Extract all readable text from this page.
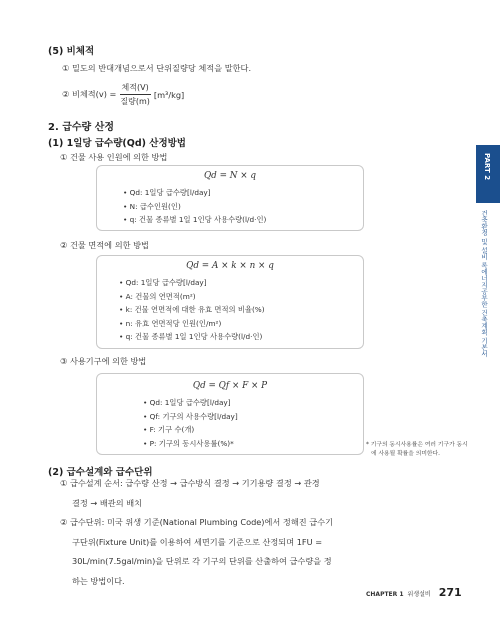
(5) 비체적
① 밀도의 반대개념으로서 단위질량당 체적을 말한다.
② 비체적$(v) = \frac{\text{체적(V)}}{\text{질량(m)}} [m^3/kg]$
2. 급수량 산정
(1) 1일당 급수량(Qd) 산정방법
① 건물 사용 인원에 의한 방법
Qd = N × q
• Qd: 1일당 급수량[l/day]
• N: 급수인원(인)
• q: 건물 종류별 1일 1인당 사용수량(l/d·인)
② 건물 면적에 의한 방법
Qd = A × k × n × q
• Qd: 1일당 급수량[l/day]
• A: 건물의 연면적(m²)
• k: 건물 연면적에 대한 유효 면적의 비율(%)
• n: 유효 연면적당 인원(인/m²)
• q: 건물 종류별 1일 1인당 사용수량(l/d·인)
③ 사용기구에 의한 방법
Qd = Qf × F × P
• Qd: 1일당 급수량[l/day]
• Qf: 기구의 사용수량[l/day]
• F: 기구 수(개)
• P: 기구의 동시사용률(%)*	* 기구의 동시사용률은 여러 기구가 동시
에 사용될 확률을 의미한다.
(2) 급수설계와 급수단위
① 급수설계 순서: 급수량 산정 → 급수방식 결정 → 기기용량 결정 → 관경
결정 → 배관의 배치
② 급수단위: 미국 위생 기준(National Plumbing Code)에서 정해진 급수기
구단위(Fixture Unit)를 이용하여 세면기를 기준으로 산정되며 1FU =
30L/min(7.5gal/min)을 단위로 각 기구의 단위를 산출하여 급수량을 정
하는 방법이다.
PART 2
건축환경 및 설비 록에너지공부한 건축계획 기본서
CHAPTER 1 위생설비 271
